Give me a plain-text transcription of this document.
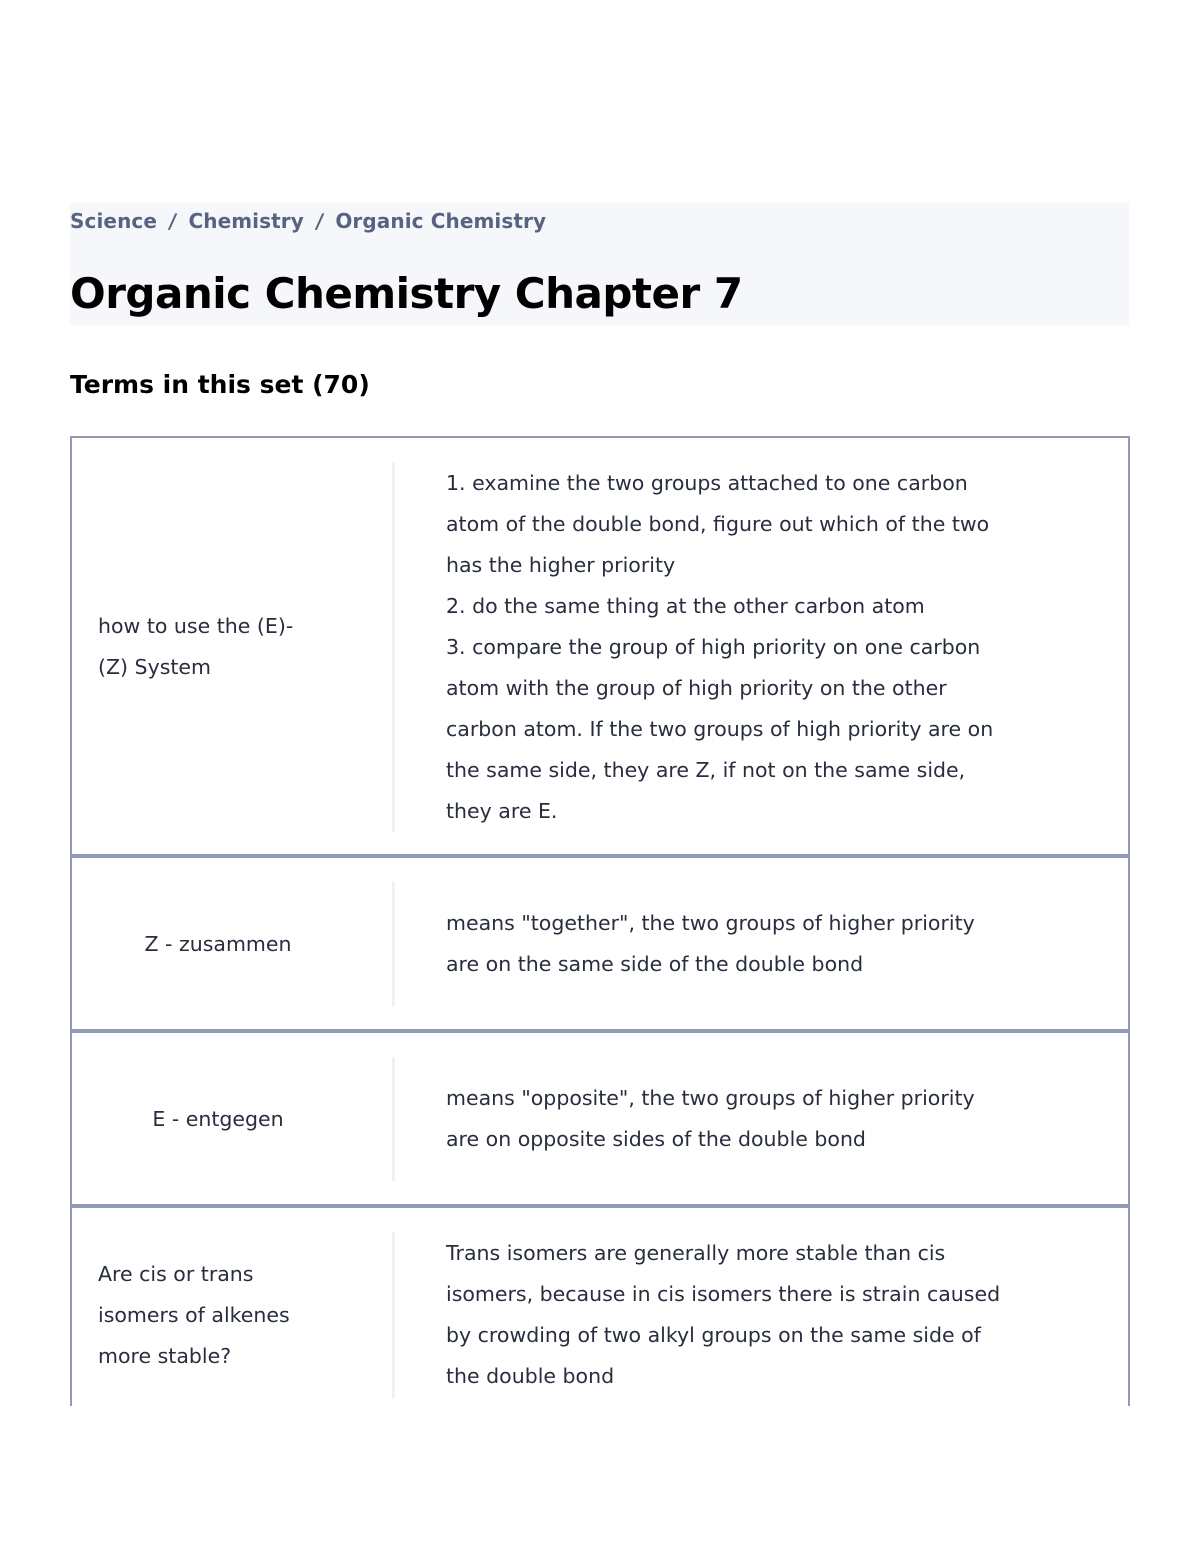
Science / Chemistry / Organic Chemistry
Organic Chemistry Chapter 7
Terms in this set (70)
how to use the (E)-
(Z) System
1. examine the two groups attached to one carbon atom of the double bond, figure out which of the two has the higher priority
2. do the same thing at the other carbon atom
3. compare the group of high priority on one carbon atom with the group of high priority on the other carbon atom. If the two groups of high priority are on the same side, they are Z, if not on the same side, they are E.
Z - zusammen
means "together", the two groups of higher priority are on the same side of the double bond
E - entgegen
means "opposite", the two groups of higher priority are on opposite sides of the double bond
Are cis or trans isomers of alkenes more stable?
Trans isomers are generally more stable than cis isomers, because in cis isomers there is strain caused by crowding of two alkyl groups on the same side of the double bond
